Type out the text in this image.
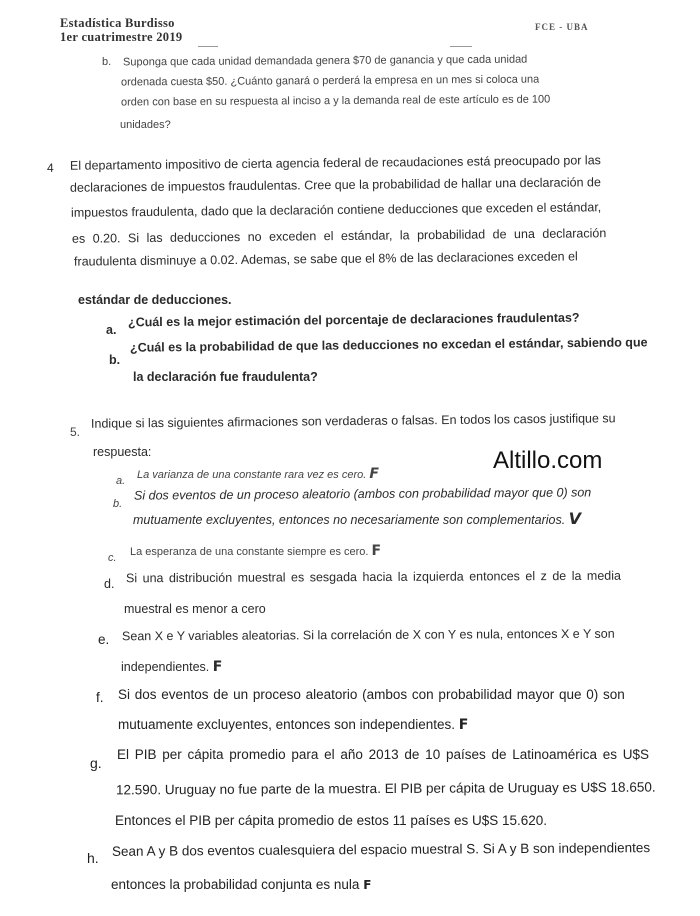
Estadística Burdisso
1er cuatrimestre 2019
FCE - UBA
b. Suponga que cada unidad demandada genera $70 de ganancia y que cada unidad
ordenada cuesta $50. ¿Cuánto ganará o perderá la empresa en un mes si coloca una
orden con base en su respuesta al inciso a y la demanda real de este artículo es de 100
unidades?
4 El departamento impositivo de cierta agencia federal de recaudaciones está preocupado por las
declaraciones de impuestos fraudulentas. Cree que la probabilidad de hallar una declaración de
impuestos fraudulenta, dado que la declaración contiene deducciones que exceden el estándar,
es 0.20. Si las deducciones no exceden el estándar, la probabilidad de una declaración
fraudulenta disminuye a 0.02. Ademas, se sabe que el 8% de las declaraciones exceden el
estándar de deducciones.
a.
¿Cuál es la mejor estimación del porcentaje de declaraciones fraudulentas?
b.
¿Cuál es la probabilidad de que las deducciones no excedan el estándar, sabiendo que
la declaración fue fraudulenta?
5.
Indique si las siguientes afirmaciones son verdaderas o falsas. En todos los casos justifique su
respuesta:	Altillo.com
a. La varianza de una constante rara vez es cero. F
b.
Si dos eventos de un proceso aleatorio (ambos con probabilidad mayor que 0) son
mutuamente excluyentes, entonces no necesariamente son complementarios. V
c. La esperanza de una constante siempre es cero. F
d. Si una distribución muestral es sesgada hacia la izquierda entonces el z de la media
muestral es menor a cero
e. Sean X e Y variables aleatorias. Si la correlación de X con Y es nula, entonces X e Y son
independientes. F
f. Si dos eventos de un proceso aleatorio (ambos con probabilidad mayor que 0) son
mutuamente excluyentes, entonces son independientes. F
g.
El PIB per cápita promedio para el año 2013 de 10 países de Latinoamérica es U$S
12.590. Uruguay no fue parte de la muestra. El PIB per cápita de Uruguay es U$S 18.650.
Entonces el PIB per cápita promedio de estos 11 países es U$S 15.620.
h. Sean A y B dos eventos cualesquiera del espacio muestral S. Si A y B son independientes
entonces la probabilidad conjunta es nula F
